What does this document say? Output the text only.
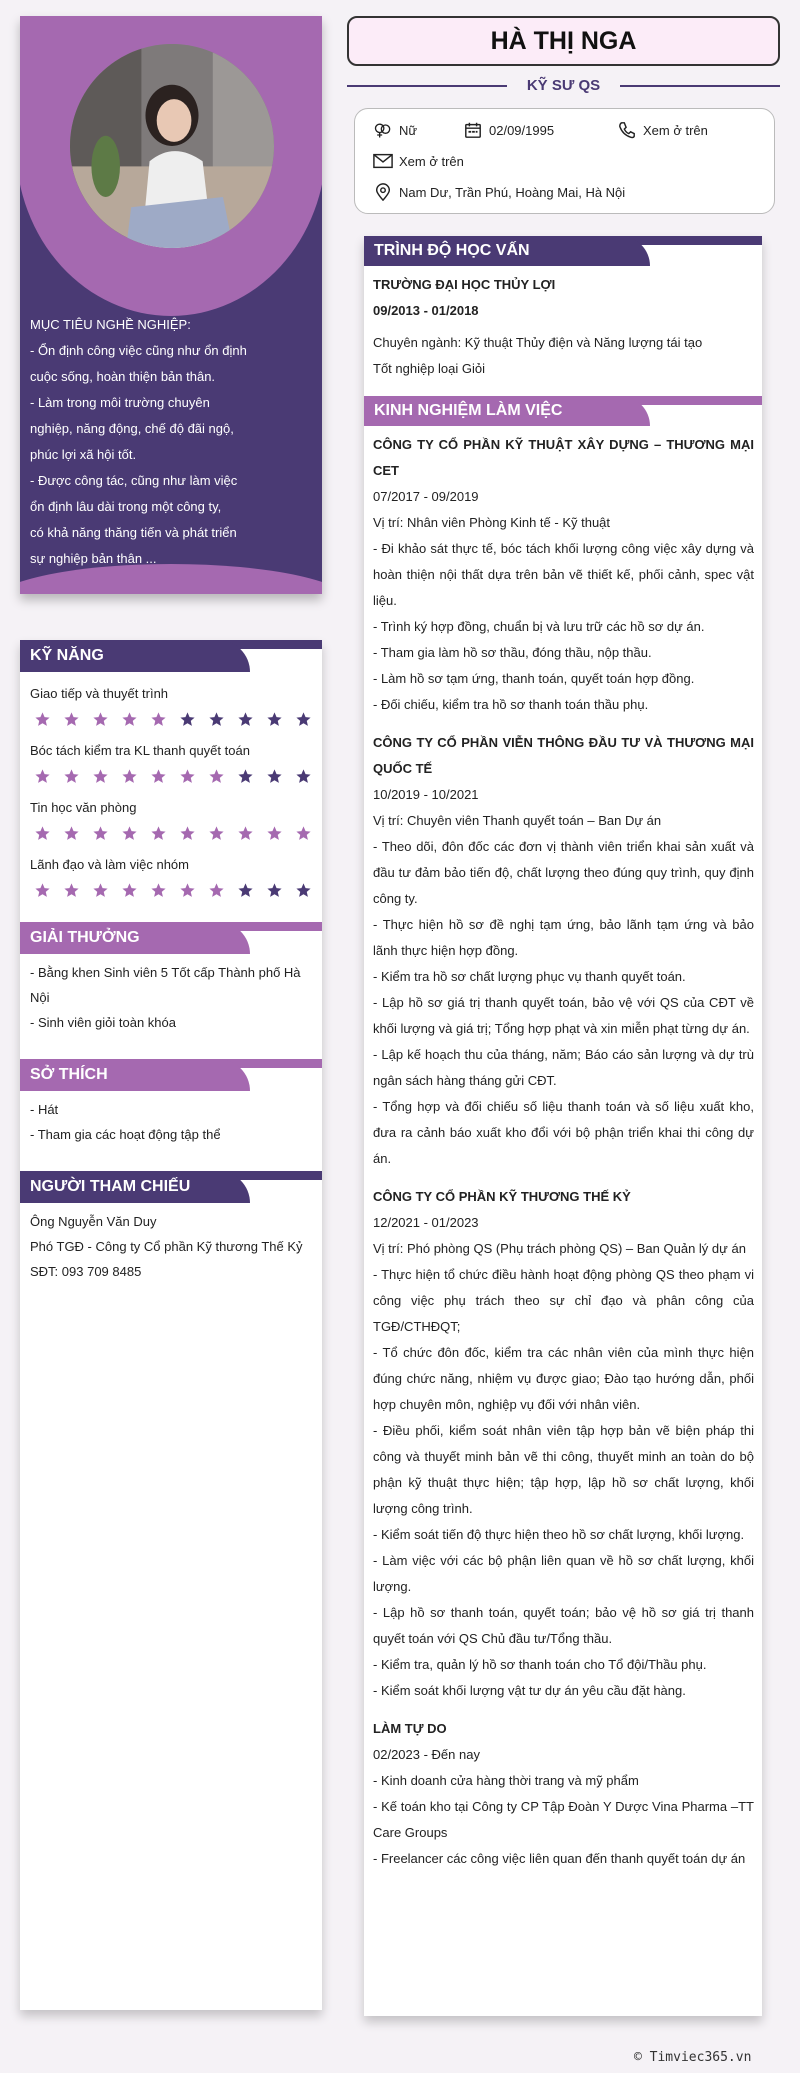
MỤC TIÊU NGHỀ NGHIỆP:
- Ổn định công việc cũng như ổn định
cuộc sống, hoàn thiện bản thân.
- Làm trong môi trường chuyên
nghiệp, năng động, chế độ đãi ngộ,
phúc lợi xã hội tốt.
- Được công tác, cũng như làm việc
ổn định lâu dài trong một công ty,
có khả năng thăng tiến và phát triển
sự nghiệp bản thân ...
KỸ NĂNG
Giao tiếp và thuyết trình
Bóc tách kiểm tra KL thanh quyết toán
Tin học văn phòng
Lãnh đạo và làm việc nhóm
GIẢI THƯỞNG
- Bằng khen Sinh viên 5 Tốt cấp Thành phố Hà
Nội
- Sinh viên giỏi toàn khóa
SỞ THÍCH
- Hát
- Tham gia các hoạt động tập thể
NGƯỜI THAM CHIẾU
Ông Nguyễn Văn Duy
Phó TGĐ - Công ty Cổ phần Kỹ thương Thế Kỷ
SĐT: 093 709 8485
HÀ THỊ NGA
KỸ SƯ QS
Nữ	02/09/1995	Xem ở trên
Xem ở trên
Nam Dư, Trần Phú, Hoàng Mai, Hà Nội
TRÌNH ĐỘ HỌC VẤN
TRƯỜNG ĐẠI HỌC THỦY LỢI
09/2013 - 01/2018
Chuyên ngành: Kỹ thuật Thủy điện và Năng lượng tái tạo
Tốt nghiệp loại Giỏi
KINH NGHIỆM LÀM VIỆC
CÔNG TY CỔ PHẦN KỸ THUẬT XÂY DỰNG – THƯƠNG MẠI CET
07/2017 - 09/2019
Vị trí: Nhân viên Phòng Kinh tế - Kỹ thuật
- Đi khảo sát thực tế, bóc tách khối lượng công việc xây dựng và hoàn thiện nội thất dựa trên bản vẽ thiết kế, phối cảnh, spec vật liệu.
- Trình ký hợp đồng, chuẩn bị và lưu trữ các hồ sơ dự án.
- Tham gia làm hồ sơ thầu, đóng thầu, nộp thầu.
- Làm hồ sơ tạm ứng, thanh toán, quyết toán hợp đồng.
- Đối chiếu, kiểm tra hồ sơ thanh toán thầu phụ.
CÔNG TY CỔ PHẦN VIỄN THÔNG ĐẦU TƯ VÀ THƯƠNG MẠI QUỐC TẾ
10/2019 - 10/2021
Vị trí: Chuyên viên Thanh quyết toán – Ban Dự án
- Theo dõi, đôn đốc các đơn vị thành viên triển khai sản xuất và đầu tư đảm bảo tiến độ, chất lượng theo đúng quy trình, quy định công ty.
- Thực hiện hồ sơ đề nghị tạm ứng, bảo lãnh tạm ứng và bảo lãnh thực hiện hợp đồng.
- Kiểm tra hồ sơ chất lượng phục vụ thanh quyết toán.
- Lập hồ sơ giá trị thanh quyết toán, bảo vệ với QS của CĐT về khối lượng và giá trị; Tổng hợp phạt và xin miễn phạt từng dự án.
- Lập kế hoạch thu của tháng, năm; Báo cáo sản lượng và dự trù ngân sách hàng tháng gửi CĐT.
- Tổng hợp và đối chiếu số liệu thanh toán và số liệu xuất kho, đưa ra cảnh báo xuất kho đổi với bộ phận triển khai thi công dự án.
CÔNG TY CỔ PHẦN KỸ THƯƠNG THẾ KỶ
12/2021 - 01/2023
Vị trí: Phó phòng QS (Phụ trách phòng QS) – Ban Quản lý dự án
- Thực hiện tổ chức điều hành hoạt động phòng QS theo phạm vi công việc phụ trách theo sự chỉ đạo và phân công của TGĐ/CTHĐQT;
- Tổ chức đôn đốc, kiểm tra các nhân viên của mình thực hiện đúng chức năng, nhiệm vụ được giao; Đào tạo hướng dẫn, phối hợp chuyên môn, nghiệp vụ đối với nhân viên.
- Điều phối, kiểm soát nhân viên tập hợp bản vẽ biện pháp thi công và thuyết minh bản vẽ thi công, thuyết minh an toàn do bộ phận kỹ thuật thực hiện; tập hợp, lập hồ sơ chất lượng, khối lượng công trình.
- Kiểm soát tiến độ thực hiện theo hồ sơ chất lượng, khối lượng.
- Làm việc với các bộ phận liên quan về hồ sơ chất lượng, khối lượng.
- Lập hồ sơ thanh toán, quyết toán; bảo vệ hồ sơ giá trị thanh quyết toán với QS Chủ đầu tư/Tổng thầu.
- Kiểm tra, quản lý hồ sơ thanh toán cho Tổ đội/Thầu phụ.
- Kiểm soát khối lượng vật tư dự án yêu cầu đặt hàng.
LÀM TỰ DO
02/2023 - Đến nay
- Kinh doanh cửa hàng thời trang và mỹ phẩm
- Kế toán kho tại Công ty CP Tập Đoàn Y Dược Vina Pharma –TT Care Groups
- Freelancer các công việc liên quan đến thanh quyết toán dự án
© Timviec365.vn
